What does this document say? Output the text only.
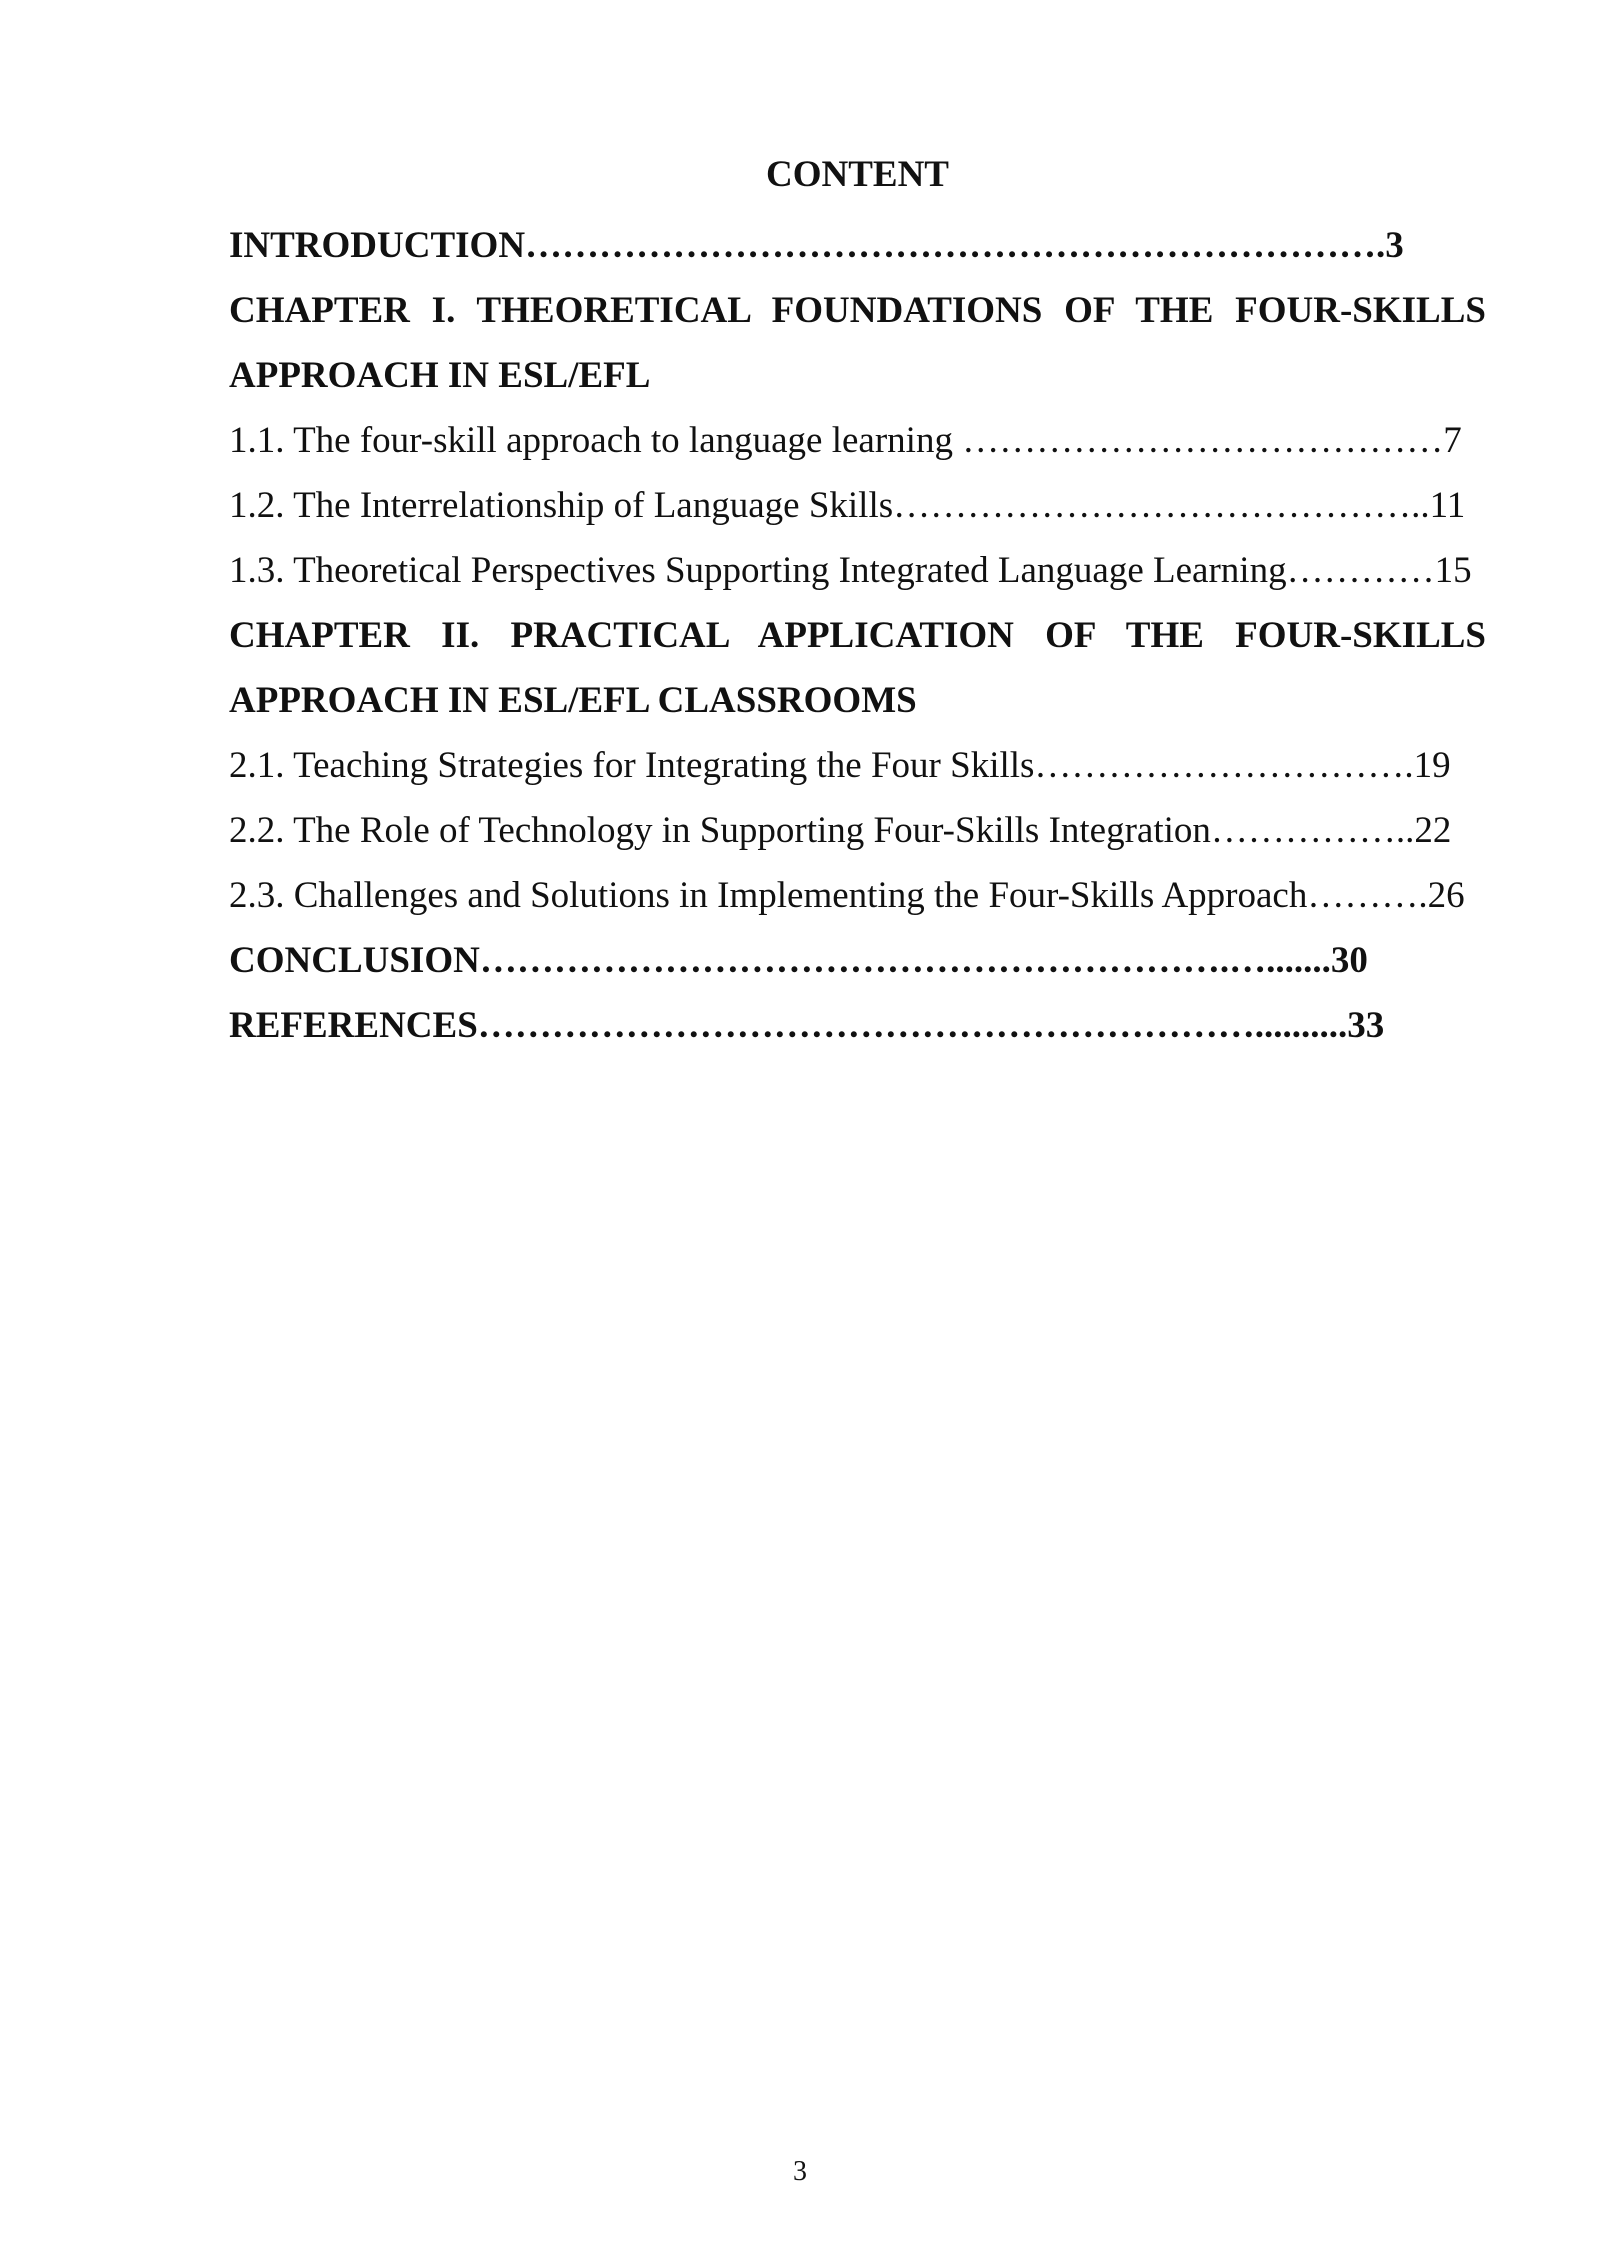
CONTENT
INTRODUCTION…………………………………………………………….3
CHAPTER I. THEORETICAL FOUNDATIONS OF THE FOUR-SKILLS
APPROACH IN ESL/EFL
1.1. The four-skill approach to language learning …………………………………7
1.2. The Interrelationship of Language Skills……………………………………..11
1.3. Theoretical Perspectives Supporting Integrated Language Learning…………15
CHAPTER II. PRACTICAL APPLICATION OF THE FOUR-SKILLS
APPROACH IN ESL/EFL CLASSROOMS
2.1. Teaching Strategies for Integrating the Four Skills………………………….19
2.2. The Role of Technology in Supporting Four-Skills Integration……………..22
2.3. Challenges and Solutions in Implementing the Four-Skills Approach……….26
CONCLUSION…………………………………………………….….......30
REFERENCES………………………………………………………..........33
3
